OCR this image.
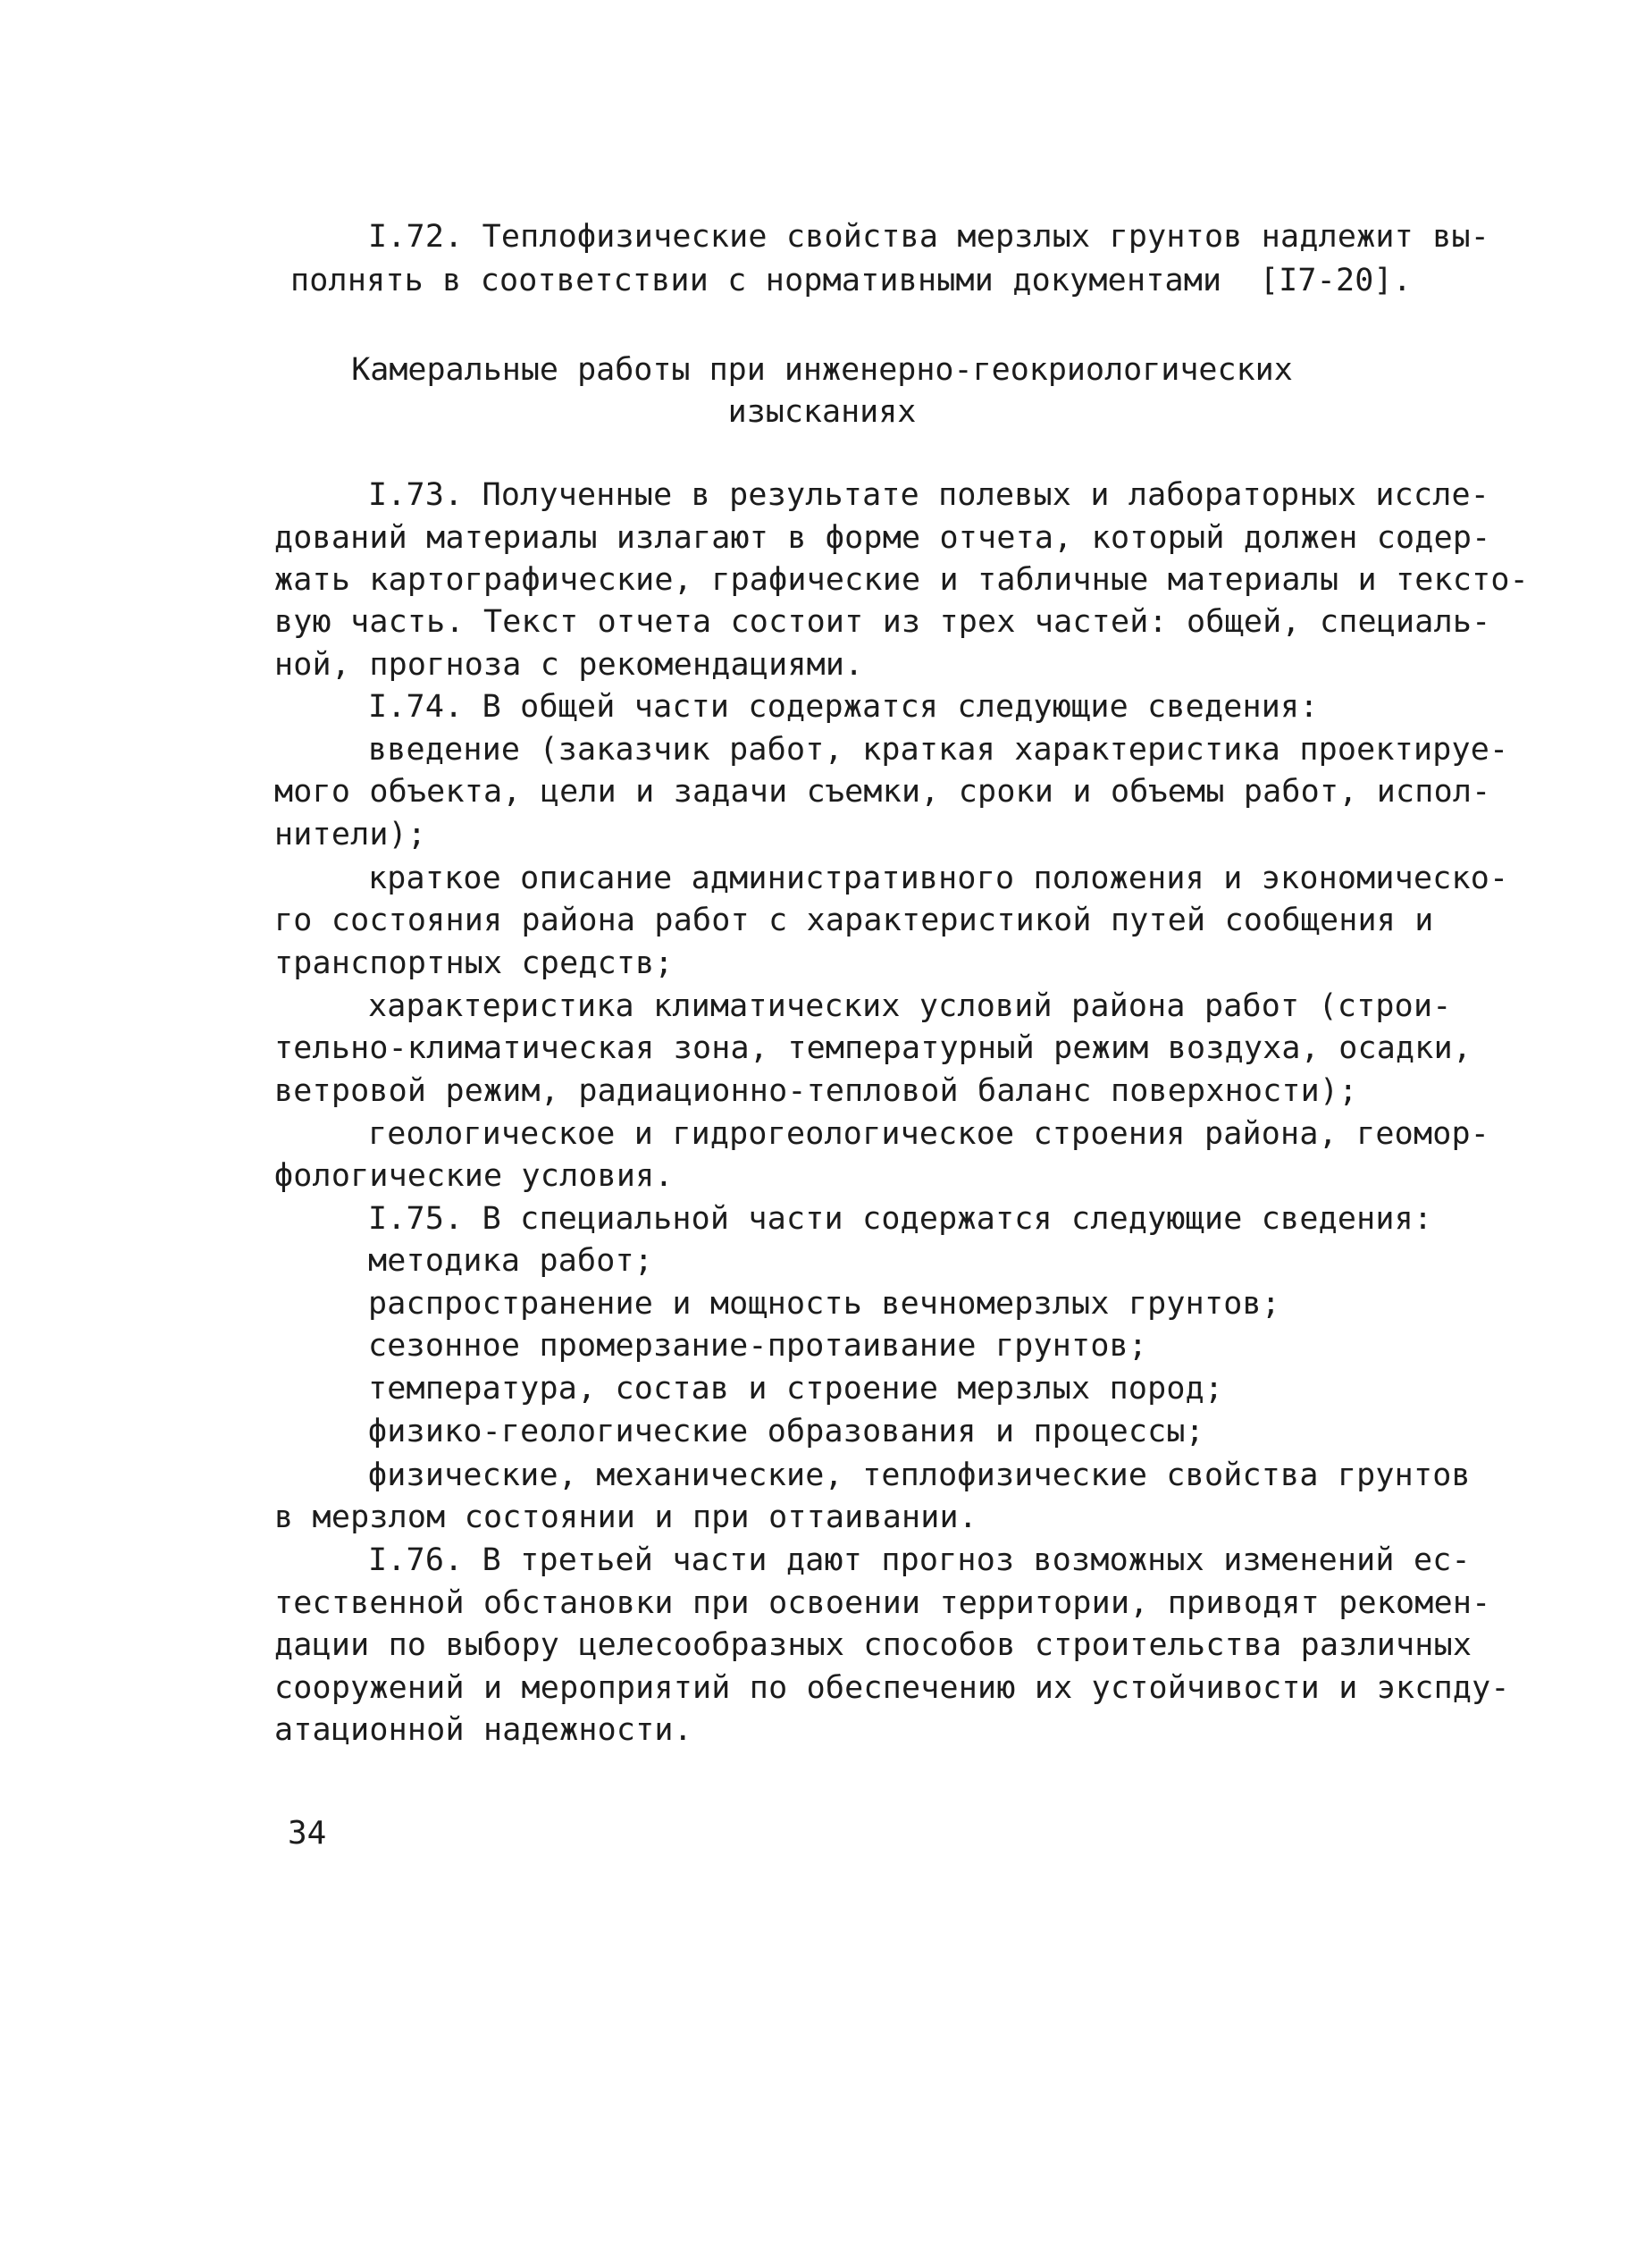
I.72. Теплофизические свойства мерзлых грунтов надлежит вы-
полнять в соответствии с нормативными документами  [I7-20].
Камеральные работы при инженерно-геокриологических
изысканиях
I.73. Полученные в результате полевых и лабораторных иссле-
дований материалы излагают в форме отчета, который должен содер-
жать картографические, графические и табличные материалы и тексто-
вую часть. Текст отчета состоит из трех частей: общей, специаль-
ной, прогноза с рекомендациями.
I.74. В общей части содержатся следующие сведения:
введение (заказчик работ, краткая характеристика проектируе-
мого объекта, цели и задачи съемки, сроки и объемы работ, испол-
нители);
краткое описание административного положения и экономическо-
го состояния района работ с характеристикой путей сообщения и
транспортных средств;
характеристика климатических условий района работ (строи-
тельно-климатическая зона, температурный режим воздуха, осадки,
ветровой режим, радиационно-тепловой баланс поверхности);
геологическое и гидрогеологическое строения района, геомор-
фологические условия.
I.75. В специальной части содержатся следующие сведения:
методика работ;
распространение и мощность вечномерзлых грунтов;
сезонное промерзание-протаивание грунтов;
температура, состав и строение мерзлых пород;
физико-геологические образования и процессы;
физические, механические, теплофизические свойства грунтов
в мерзлом состоянии и при оттаивании.
I.76. В третьей части дают прогноз возможных изменений ес-
тественной обстановки при освоении территории, приводят рекомен-
дации по выбору целесообразных способов строительства различных
сооружений и мероприятий по обеспечению их устойчивости и экспду-
атационной надежности.
34
